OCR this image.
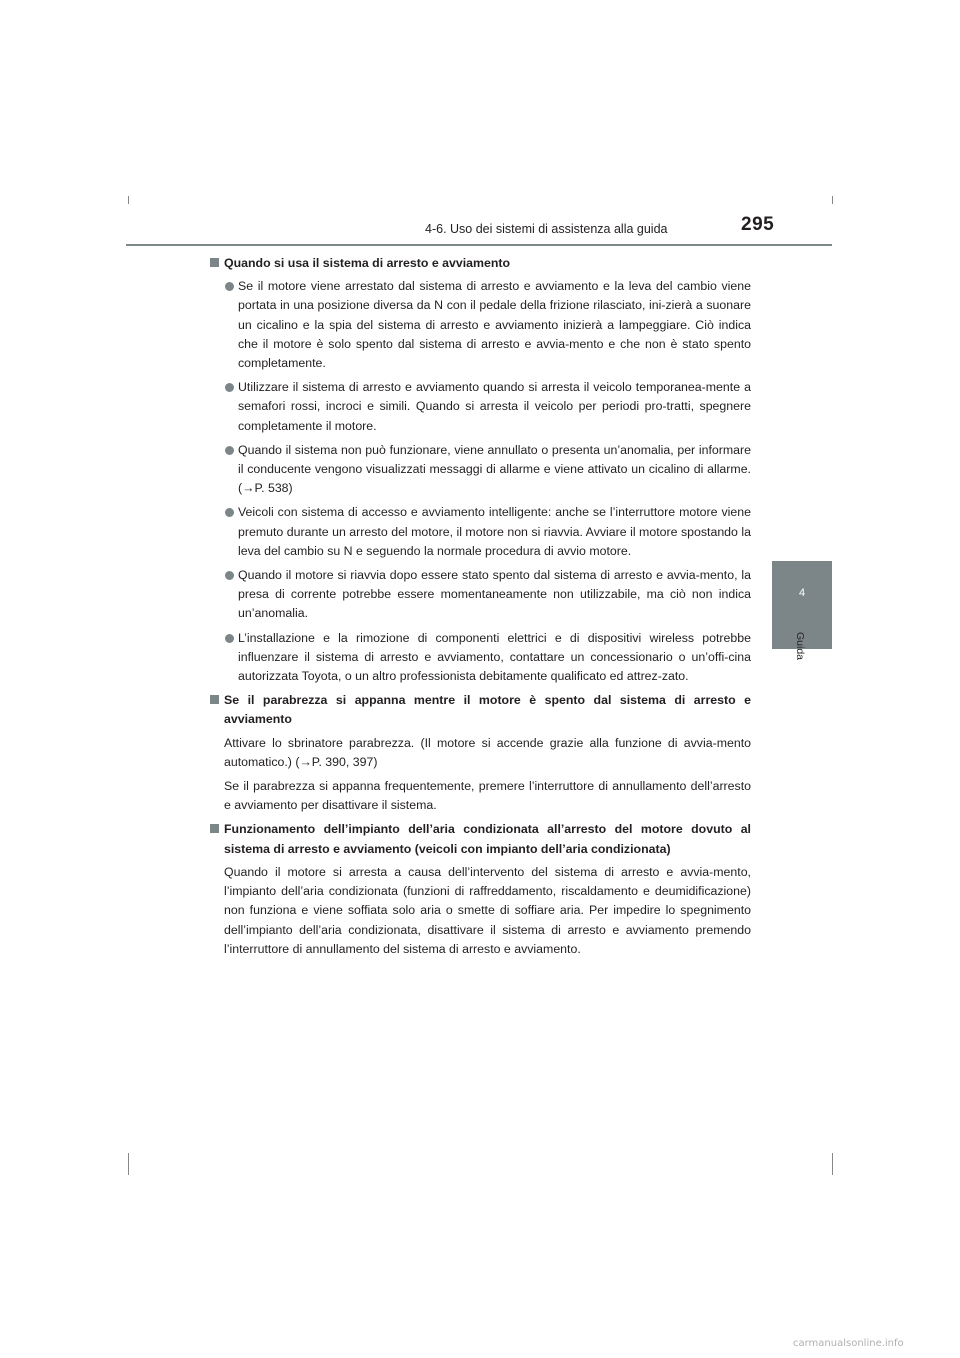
4-6. Uso dei sistemi di assistenza alla guida	295
4
Guida
Quando si usa il sistema di arresto e avviamento
Se il motore viene arrestato dal sistema di arresto e avviamento e la leva del cambio viene portata in una posizione diversa da N con il pedale della frizione rilasciato, ini-zierà a suonare un cicalino e la spia del sistema di arresto e avviamento inizierà a lampeggiare. Ciò indica che il motore è solo spento dal sistema di arresto e avvia-mento e che non è stato spento completamente.
Utilizzare il sistema di arresto e avviamento quando si arresta il veicolo temporanea-mente a semafori rossi, incroci e simili. Quando si arresta il veicolo per periodi pro-tratti, spegnere completamente il motore.
Quando il sistema non può funzionare, viene annullato o presenta un’anomalia, per informare il conducente vengono visualizzati messaggi di allarme e viene attivato un cicalino di allarme. (→P. 538)
Veicoli con sistema di accesso e avviamento intelligente: anche se l’interruttore motore viene premuto durante un arresto del motore, il motore non si riavvia. Avviare il motore spostando la leva del cambio su N e seguendo la normale procedura di avvio motore.
Quando il motore si riavvia dopo essere stato spento dal sistema di arresto e avvia-mento, la presa di corrente potrebbe essere momentaneamente non utilizzabile, ma ciò non indica un’anomalia.
L’installazione e la rimozione di componenti elettrici e di dispositivi wireless potrebbe influenzare il sistema di arresto e avviamento, contattare un concessionario o un’offi-cina autorizzata Toyota, o un altro professionista debitamente qualificato ed attrez-zato.
Se il parabrezza si appanna mentre il motore è spento dal sistema di arresto e avviamento
Attivare lo sbrinatore parabrezza. (Il motore si accende grazie alla funzione di avvia-mento automatico.) (→P. 390, 397)
Se il parabrezza si appanna frequentemente, premere l’interruttore di annullamento dell’arresto e avviamento per disattivare il sistema.
Funzionamento dell’impianto dell’aria condizionata all’arresto del motore dovuto al sistema di arresto e avviamento (veicoli con impianto dell’aria condizionata)
Quando il motore si arresta a causa dell’intervento del sistema di arresto e avvia-mento, l’impianto dell’aria condizionata (funzioni di raffreddamento, riscaldamento e deumidificazione) non funziona e viene soffiata solo aria o smette di soffiare aria. Per impedire lo spegnimento dell’impianto dell’aria condizionata, disattivare il sistema di arresto e avviamento premendo l’interruttore di annullamento del sistema di arresto e avviamento.
carmanualsonline.info
